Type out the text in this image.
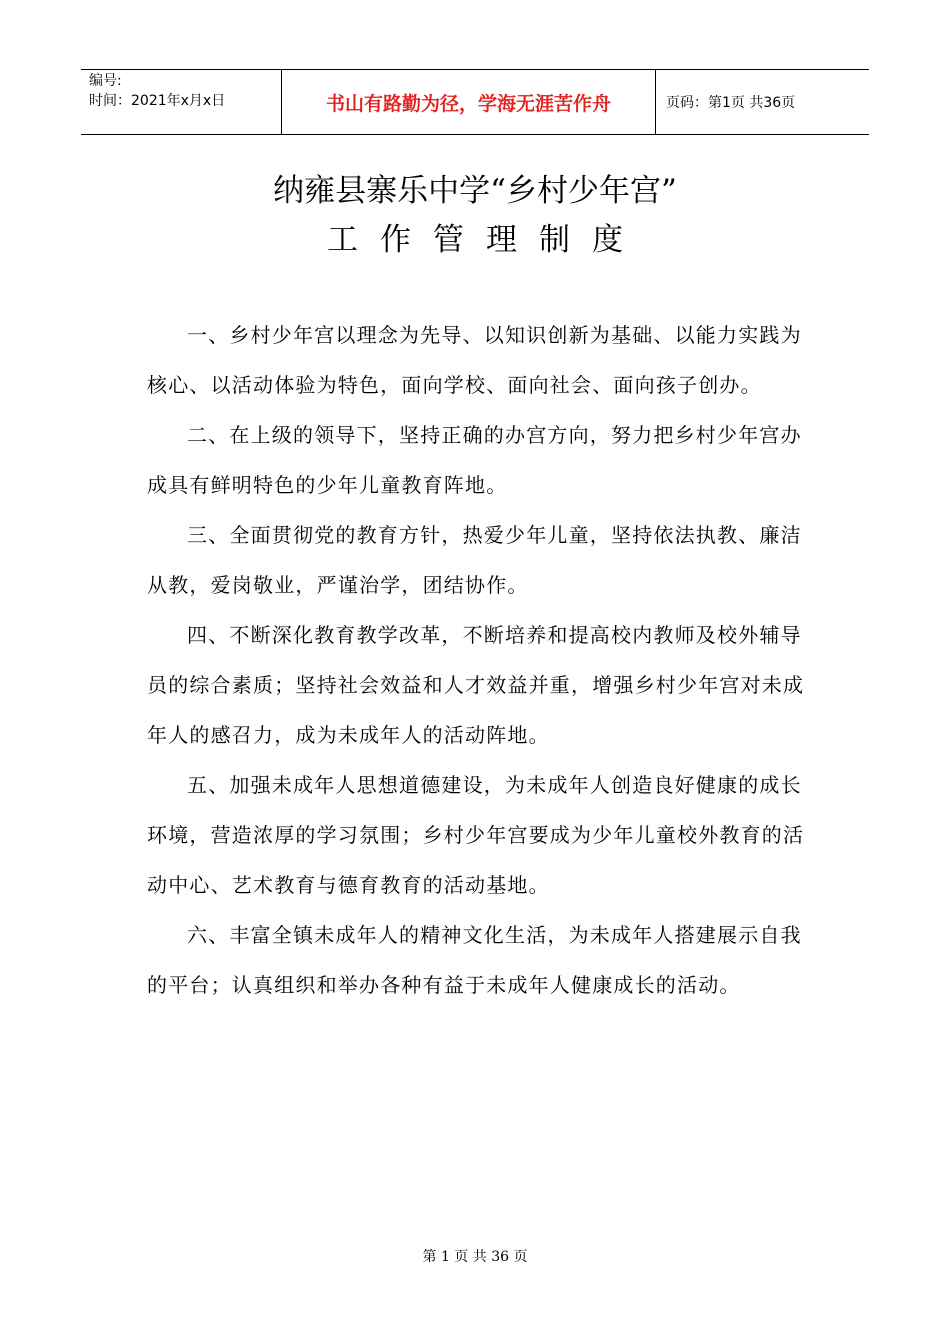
编号:
时间：2021年x月x日	书山有路勤为径，学海无涯苦作舟	页码：第1页 共36页
纳雍县寨乐中学“乡村少年宫”
工作管理制度

一、乡村少年宫以理念为先导、以知识创新为基础、以能力实践为核心、以活动体验为特色，面向学校、面向社会、面向孩子创办。

二、在上级的领导下，坚持正确的办宫方向，努力把乡村少年宫办成具有鲜明特色的少年儿童教育阵地。

三、全面贯彻党的教育方针，热爱少年儿童，坚持依法执教、廉洁从教，爱岗敬业，严谨治学，团结协作。

四、不断深化教育教学改革，不断培养和提高校内教师及校外辅导员的综合素质；坚持社会效益和人才效益并重，增强乡村少年宫对未成年人的感召力，成为未成年人的活动阵地。

五、加强未成年人思想道德建设，为未成年人创造良好健康的成长环境，营造浓厚的学习氛围；乡村少年宫要成为少年儿童校外教育的活动中心、艺术教育与德育教育的活动基地。

六、丰富全镇未成年人的精神文化生活，为未成年人搭建展示自我的平台；认真组织和举办各种有益于未成年人健康成长的活动。

第 1 页 共 36 页
